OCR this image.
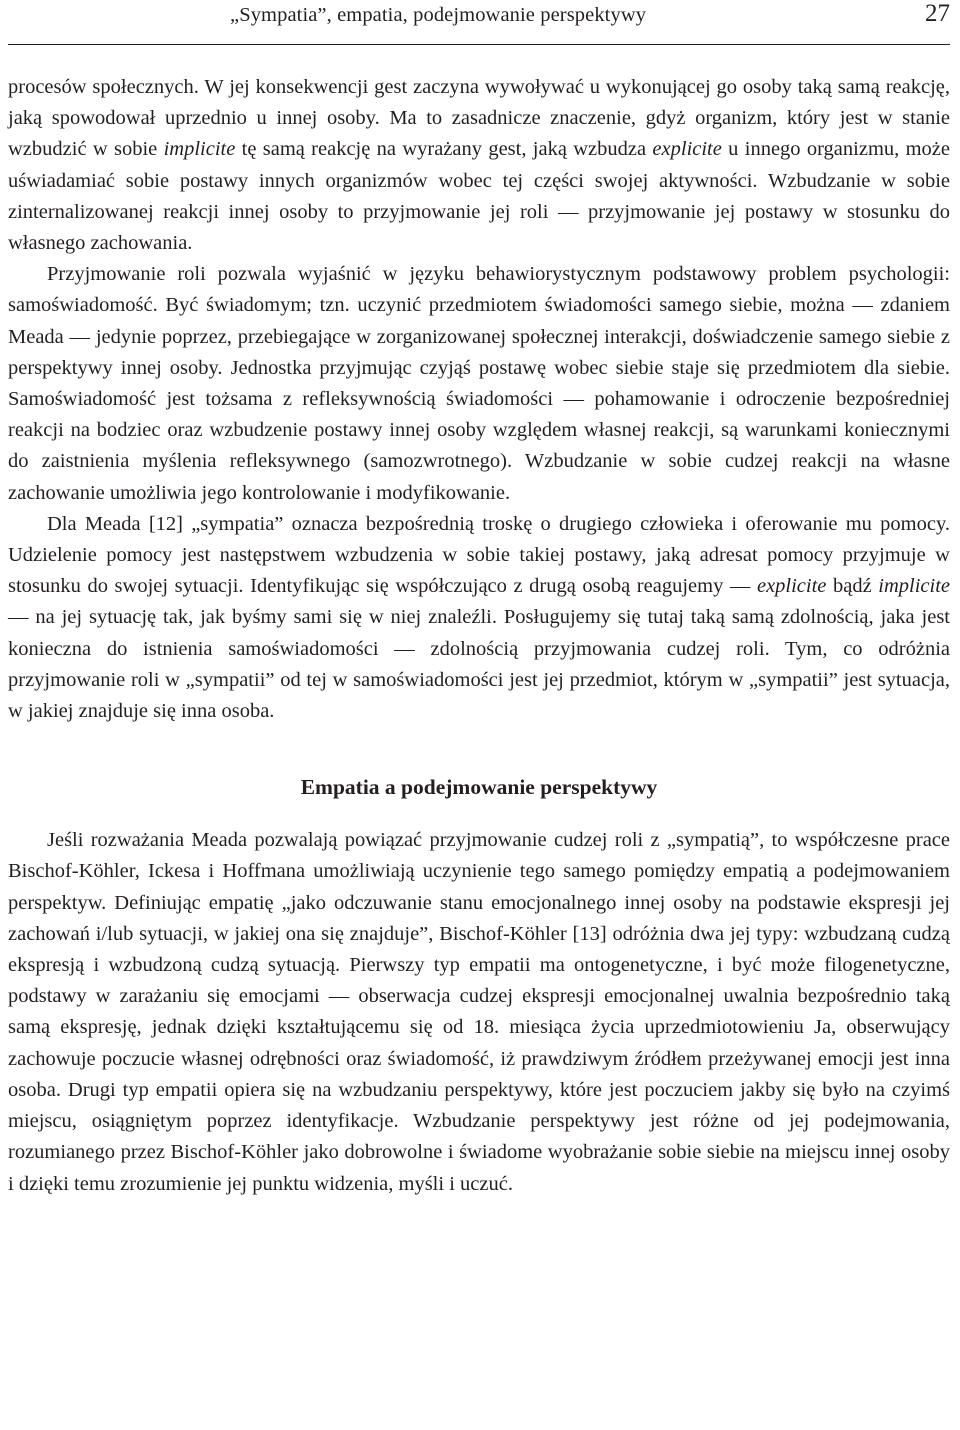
„Sympatia”, empatia, podejmowanie perspektywy	27

procesów społecznych. W jej konsekwencji gest zaczyna wywoływać u wykonującej go osoby taką samą reakcję, jaką spowodował uprzednio u innej osoby. Ma to zasadnicze znaczenie, gdyż organizm, który jest w stanie wzbudzić w sobie implicite tę samą reakcję na wyrażany gest, jaką wzbudza explicite u innego organizmu, może uświadamiać sobie postawy innych organizmów wobec tej części swojej aktywności. Wzbudzanie w sobie zinternalizowanej reakcji innej osoby to przyjmowanie jej roli — przyjmowanie jej postawy w stosunku do własnego zachowania.

Przyjmowanie roli pozwala wyjaśnić w języku behawiorystycznym podstawowy problem psychologii: samoświadomość. Być świadomym; tzn. uczynić przedmiotem świadomości samego siebie, można — zdaniem Meada — jedynie poprzez, przebiegające w zorganizowanej społecznej interakcji, doświadczenie samego siebie z perspektywy innej osoby. Jednostka przyjmując czyjąś postawę wobec siebie staje się przedmiotem dla siebie. Samoświadomość jest tożsama z refleksywnością świadomości — pohamowanie i odroczenie bezpośredniej reakcji na bodziec oraz wzbudzenie postawy innej osoby względem własnej reakcji, są warunkami koniecznymi do zaistnienia myślenia refleksywnego (samozwrotnego). Wzbudzanie w sobie cudzej reakcji na własne zachowanie umożliwia jego kontrolowanie i modyfikowanie.

Dla Meada [12] „sympatia” oznacza bezpośrednią troskę o drugiego człowieka i oferowanie mu pomocy. Udzielenie pomocy jest następstwem wzbudzenia w sobie takiej postawy, jaką adresat pomocy przyjmuje w stosunku do swojej sytuacji. Identyfikując się współczująco z drugą osobą reagujemy — explicite bądź implicite — na jej sytuację tak, jak byśmy sami się w niej znaleźli. Posługujemy się tutaj taką samą zdolnością, jaka jest konieczna do istnienia samoświadomości — zdolnością przyjmowania cudzej roli. Tym, co odróżnia przyjmowanie roli w „sympatii” od tej w samoświadomości jest jej przedmiot, którym w „sympatii” jest sytuacja, w jakiej znajduje się inna osoba.

Empatia a podejmowanie perspektywy

Jeśli rozważania Meada pozwalają powiązać przyjmowanie cudzej roli z „sympatią”, to współczesne prace Bischof-Köhler, Ickesa i Hoffmana umożliwiają uczynienie tego samego pomiędzy empatią a podejmowaniem perspektyw. Definiując empatię „jako odczuwanie stanu emocjonalnego innej osoby na podstawie ekspresji jej zachowań i/lub sytuacji, w jakiej ona się znajduje”, Bischof-Köhler [13] odróżnia dwa jej typy: wzbudzaną cudzą ekspresją i wzbudzoną cudzą sytuacją. Pierwszy typ empatii ma ontogenetyczne, i być może filogenetyczne, podstawy w zarażaniu się emocjami — obserwacja cudzej ekspresji emocjonalnej uwalnia bezpośrednio taką samą ekspresję, jednak dzięki kształtującemu się od 18. miesiąca życia uprzedmiotowieniu Ja, obserwujący zachowuje poczucie własnej odrębności oraz świadomość, iż prawdziwym źródłem przeżywanej emocji jest inna osoba. Drugi typ empatii opiera się na wzbudzaniu perspektywy, które jest poczuciem jakby się było na czyimś miejscu, osiągniętym poprzez identyfikacje. Wzbudzanie perspektywy jest różne od jej podejmowania, rozumianego przez Bischof-Köhler jako dobrowolne i świadome wyobrażanie sobie siebie na miejscu innej osoby i dzięki temu zrozumienie jej punktu widzenia, myśli i uczuć.
